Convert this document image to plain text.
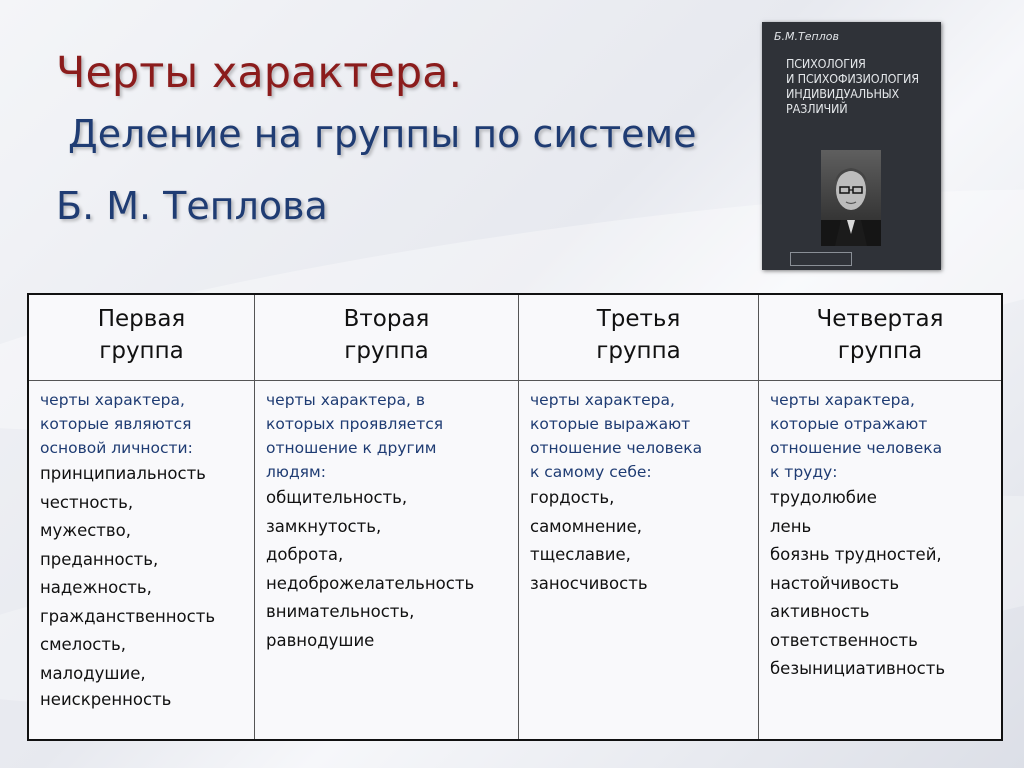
Черты характера.
Деление на группы по системе
Б. М. Теплова
Б.М.Теплов
ПСИХОЛОГИЯ
И ПСИХОФИЗИОЛОГИЯ
ИНДИВИДУАЛЬНЫХ
РАЗЛИЧИЙ
Первая
группа
Вторая
группа
Третья
группа
Четвертая
группа
черты характера,
которые являются
основой личности:
принципиальность
честность,
мужество,
преданность,
надежность,
гражданственность
смелость,
малодушие,
неискренность
черты характера, в
которых проявляется
отношение к другим
людям:
общительность,
замкнутость,
доброта,
недоброжелательность
внимательность,
равнодушие
черты характера,
которые выражают
отношение человека
к самому себе:
гордость,
самомнение,
тщеславие,
заносчивость
черты характера,
которые отражают
отношение человека
к труду:
трудолюбие
лень
боязнь трудностей,
настойчивость
активность
ответственность
безынициативность
